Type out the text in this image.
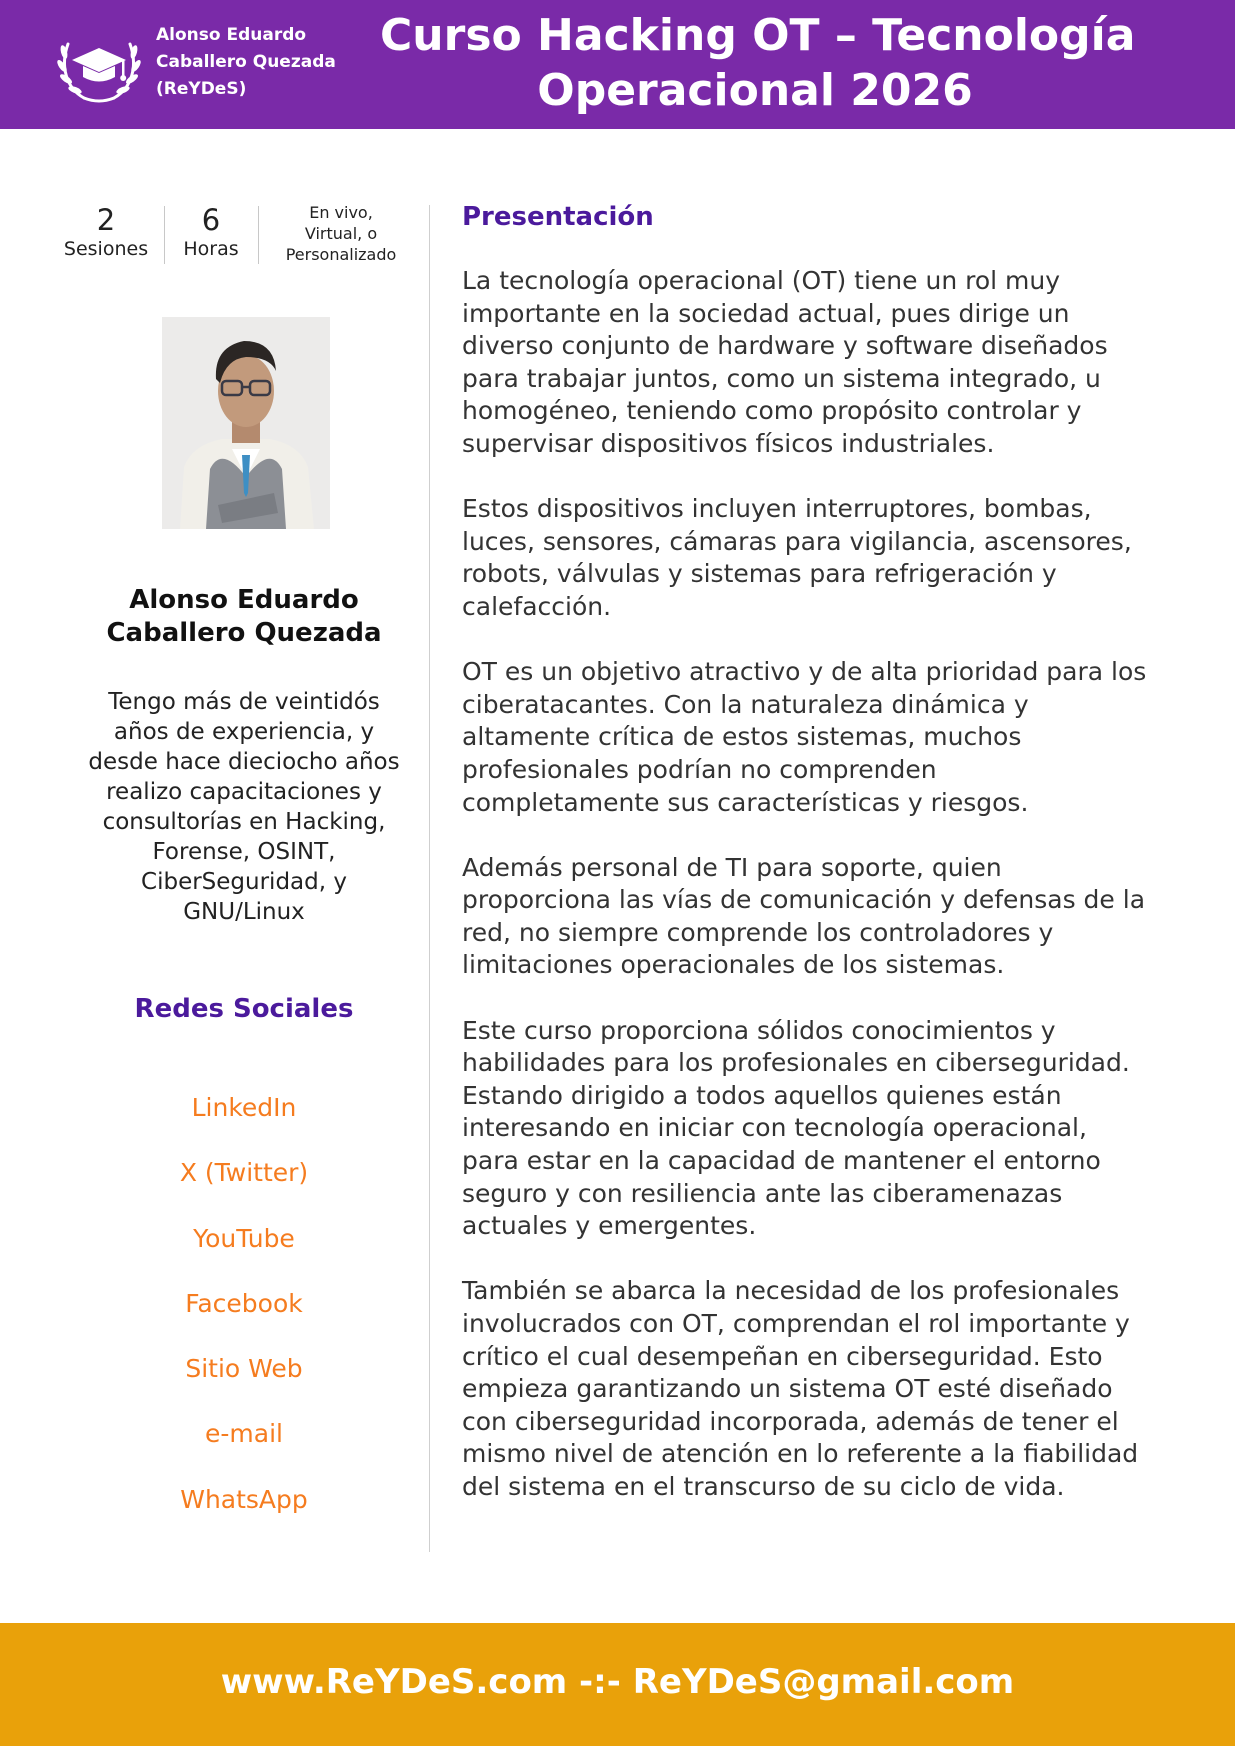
Alonso Eduardo
Caballero Quezada
(ReYDeS)
Curso Hacking OT – Tecnología
Operacional 2026
2
Sesiones
6
Horas
En vivo,
Virtual, o
Personalizado
Alonso Eduardo
Caballero Quezada
Tengo más de veintidós
años de experiencia, y
desde hace dieciocho años
realizo capacitaciones y
consultorías en Hacking,
Forense, OSINT,
CiberSeguridad, y
GNU/Linux
Redes Sociales
LinkedIn
X (Twitter)
YouTube
Facebook
Sitio Web
e-mail
WhatsApp
Presentación
La tecnología operacional (OT) tiene un rol muy
importante en la sociedad actual, pues dirige un
diverso conjunto de hardware y software diseñados
para trabajar juntos, como un sistema integrado, u
homogéneo, teniendo como propósito controlar y
supervisar dispositivos físicos industriales.
Estos dispositivos incluyen interruptores, bombas,
luces, sensores, cámaras para vigilancia, ascensores,
robots, válvulas y sistemas para refrigeración y
calefacción.
OT es un objetivo atractivo y de alta prioridad para los
ciberatacantes. Con la naturaleza dinámica y
altamente crítica de estos sistemas, muchos
profesionales podrían no comprenden
completamente sus características y riesgos.
Además personal de TI para soporte, quien
proporciona las vías de comunicación y defensas de la
red, no siempre comprende los controladores y
limitaciones operacionales de los sistemas.
Este curso proporciona sólidos conocimientos y
habilidades para los profesionales en ciberseguridad.
Estando dirigido a todos aquellos quienes están
interesando en iniciar con tecnología operacional,
para estar en la capacidad de mantener el entorno
seguro y con resiliencia ante las ciberamenazas
actuales y emergentes.
También se abarca la necesidad de los profesionales
involucrados con OT, comprendan el rol importante y
crítico el cual desempeñan en ciberseguridad. Esto
empieza garantizando un sistema OT esté diseñado
con ciberseguridad incorporada, además de tener el
mismo nivel de atención en lo referente a la fiabilidad
del sistema en el transcurso de su ciclo de vida.
www.ReYDeS.com -:- ReYDeS@gmail.com
